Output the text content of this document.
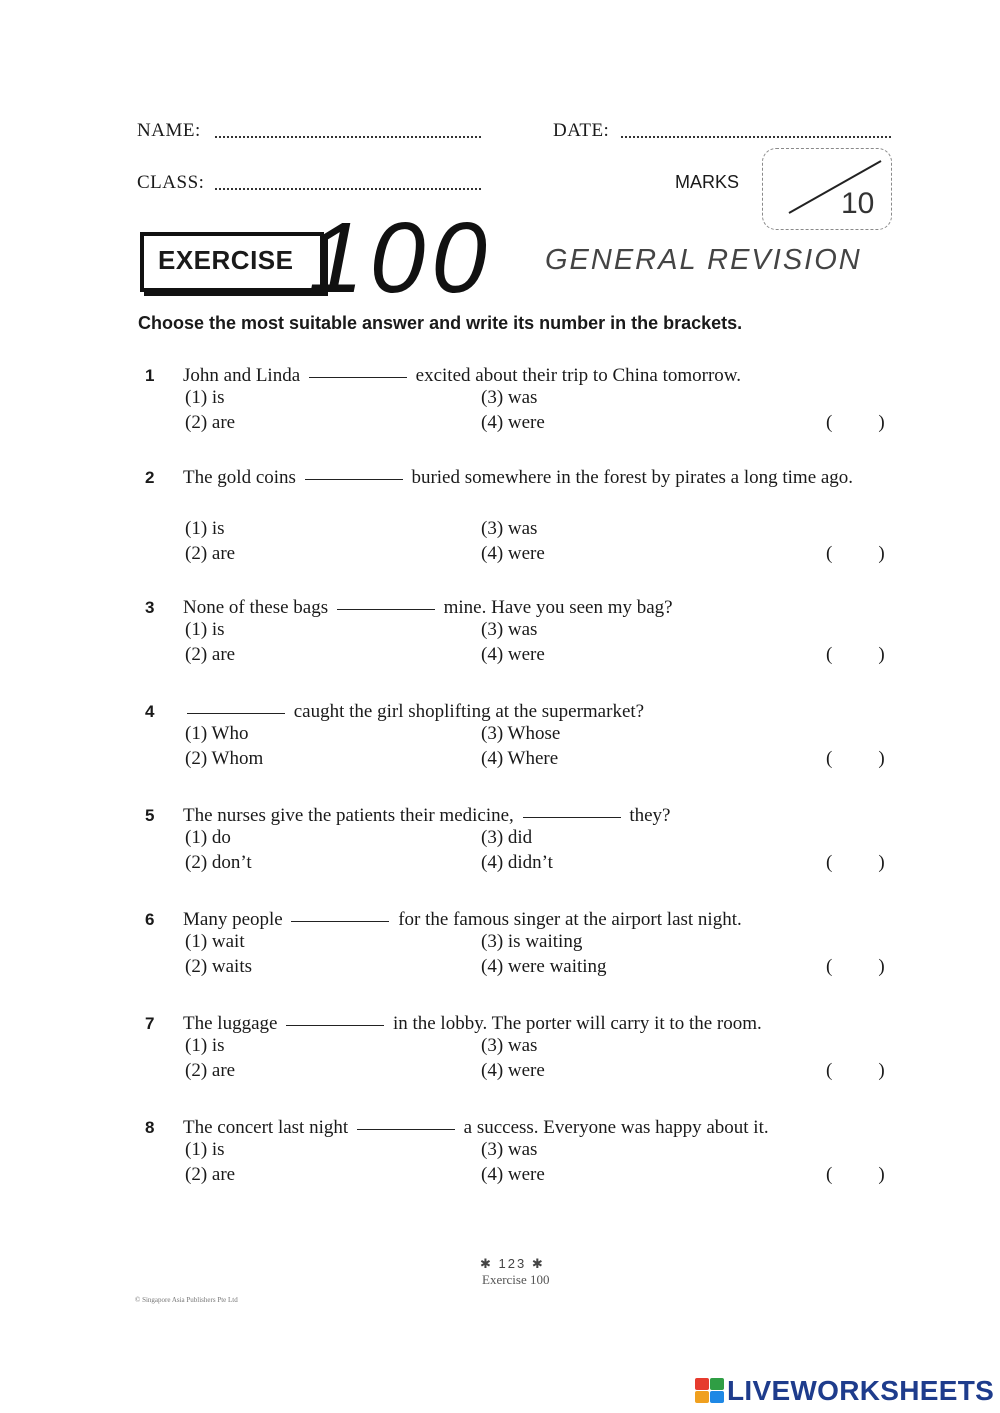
NAME:	DATE:
CLASS:	MARKS
10
EXERCISE 100 GENERAL REVISION
Choose the most suitable answer and write its number in the brackets.
1 John and Linda	excited about their trip to China tomorrow.
(1) is
(2) are
(3) was
(4) were	( )
2 The gold coins	buried somewhere in the forest by pirates a long time ago.
(1) is
(2) are
(3) was
(4) were	( )
3 None of these bags	mine. Have you seen my bag?
(1) is
(2) are
(3) was
(4) were	( )
4	caught the girl shoplifting at the supermarket?
(1) Who
(2) Whom
(3) Whose
(4) Where	( )
5 The nurses give the patients their medicine,	they?
(1) do
(2) don’t
(3) did
(4) didn’t	( )
6 Many people	for the famous singer at the airport last night.
(1) wait
(2) waits
(3) is waiting
(4) were waiting	( )
7 The luggage	in the lobby. The porter will carry it to the room.
(1) is
(2) are
(3) was
(4) were	( )
8 The concert last night	a success. Everyone was happy about it.
(1) is
(2) are
(3) was
(4) were	( )
✱ 123 ✱
Exercise 100
© Singapore Asia Publishers Pte Ltd
LIVEWORKSHEETS
